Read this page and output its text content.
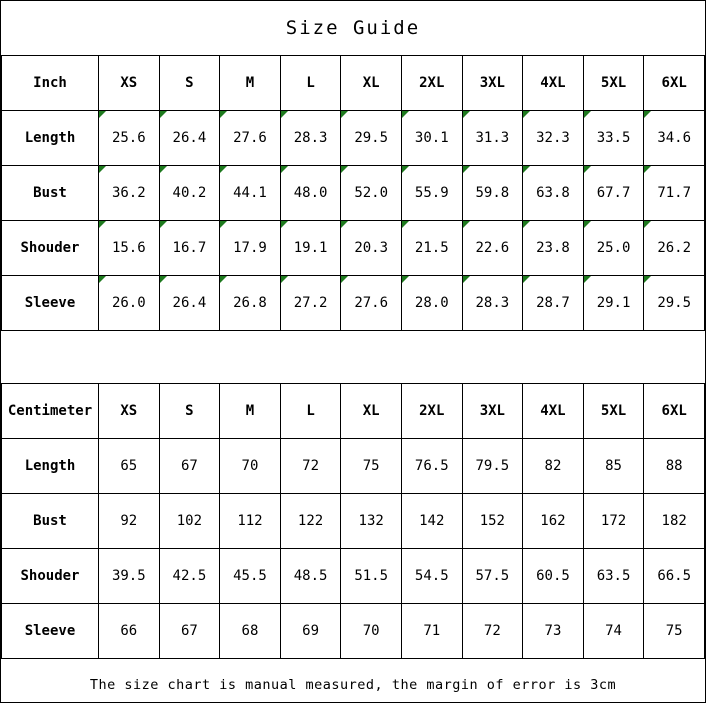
Size Guide
Inch	XS	S	M	L	XL	2XL	3XL	4XL	5XL	6XL
Length	25.6	26.4	27.6	28.3	29.5	30.1	31.3	32.3	33.5	34.6
Bust	36.2	40.2	44.1	48.0	52.0	55.9	59.8	63.8	67.7	71.7
Shouder	15.6	16.7	17.9	19.1	20.3	21.5	22.6	23.8	25.0	26.2
Sleeve	26.0	26.4	26.8	27.2	27.6	28.0	28.3	28.7	29.1	29.5
Centimeter	XS	S	M	L	XL	2XL	3XL	4XL	5XL	6XL
Length	65	67	70	72	75	76.5	79.5	82	85	88
Bust	92	102	112	122	132	142	152	162	172	182
Shouder	39.5	42.5	45.5	48.5	51.5	54.5	57.5	60.5	63.5	66.5
Sleeve	66	67	68	69	70	71	72	73	74	75
The size chart is manual measured, the margin of error is 3cm
